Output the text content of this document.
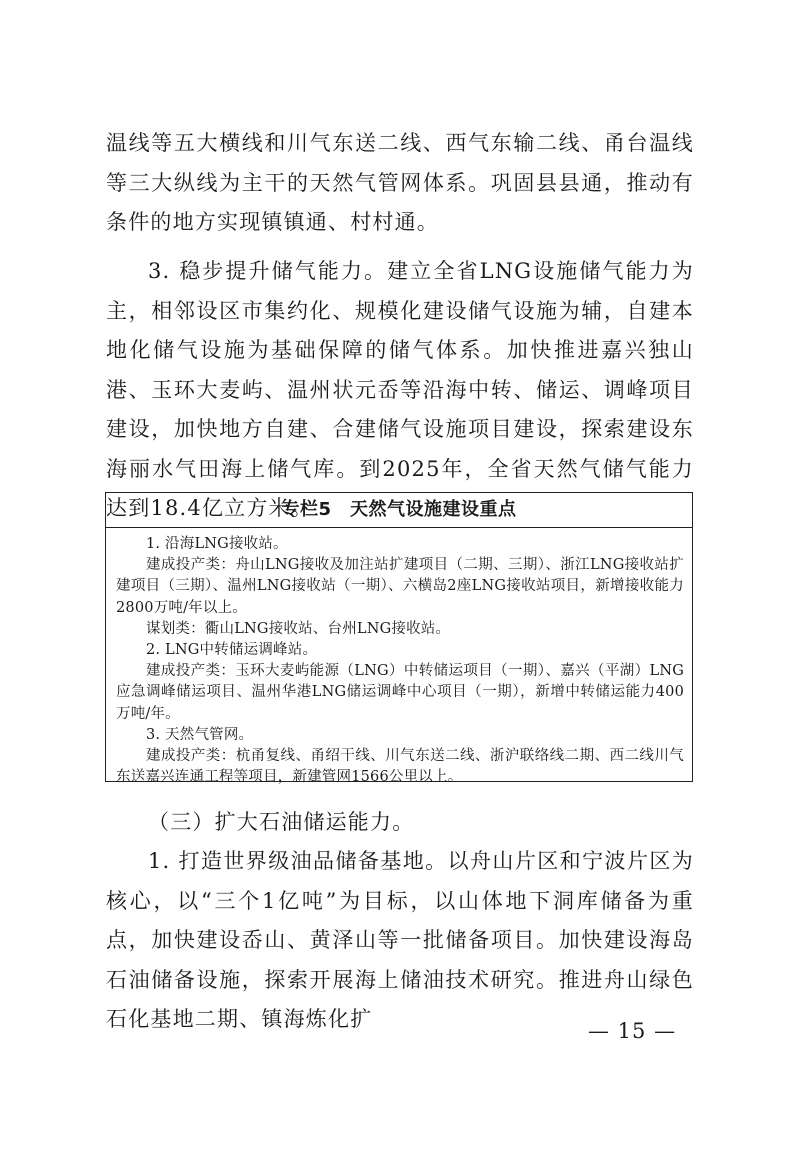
温线等五大横线和川气东送二线、西气东输二线、甬台温线等三大纵线为主干的天然气管网体系。巩固县县通，推动有条件的地方实现镇镇通、村村通。

3. 稳步提升储气能力。建立全省LNG设施储气能力为主，相邻设区市集约化、规模化建设储气设施为辅，自建本地化储气设施为基础保障的储气体系。加快推进嘉兴独山港、玉环大麦屿、温州状元岙等沿海中转、储运、调峰项目建设，加快地方自建、合建储气设施项目建设，探索建设东海丽水气田海上储气库。到2025年，全省天然气储气能力达到18.4亿立方米。

专栏5　天然气设施建设重点

1. 沿海LNG接收站。

建成投产类：舟山LNG接收及加注站扩建项目（二期、三期）、浙江LNG接收站扩建项目（三期）、温州LNG接收站（一期）、六横岛2座LNG接收站项目，新增接收能力2800万吨/年以上。

谋划类：衢山LNG接收站、台州LNG接收站。

2. LNG中转储运调峰站。

建成投产类：玉环大麦屿能源（LNG）中转储运项目（一期）、嘉兴（平湖）LNG应急调峰储运项目、温州华港LNG储运调峰中心项目（一期），新增中转储运能力400万吨/年。

3. 天然气管网。

建成投产类：杭甬复线、甬绍干线、川气东送二线、浙沪联络线二期、西二线川气东送嘉兴连通工程等项目，新建管网1566公里以上。

（三）扩大石油储运能力。

1. 打造世界级油品储备基地。以舟山片区和宁波片区为核心，以“三个1亿吨”为目标，以山体地下洞库储备为重点，加快建设岙山、黄泽山等一批储备项目。加快建设海岛石油储备设施，探索开展海上储油技术研究。推进舟山绿色石化基地二期、镇海炼化扩	— 15 —
